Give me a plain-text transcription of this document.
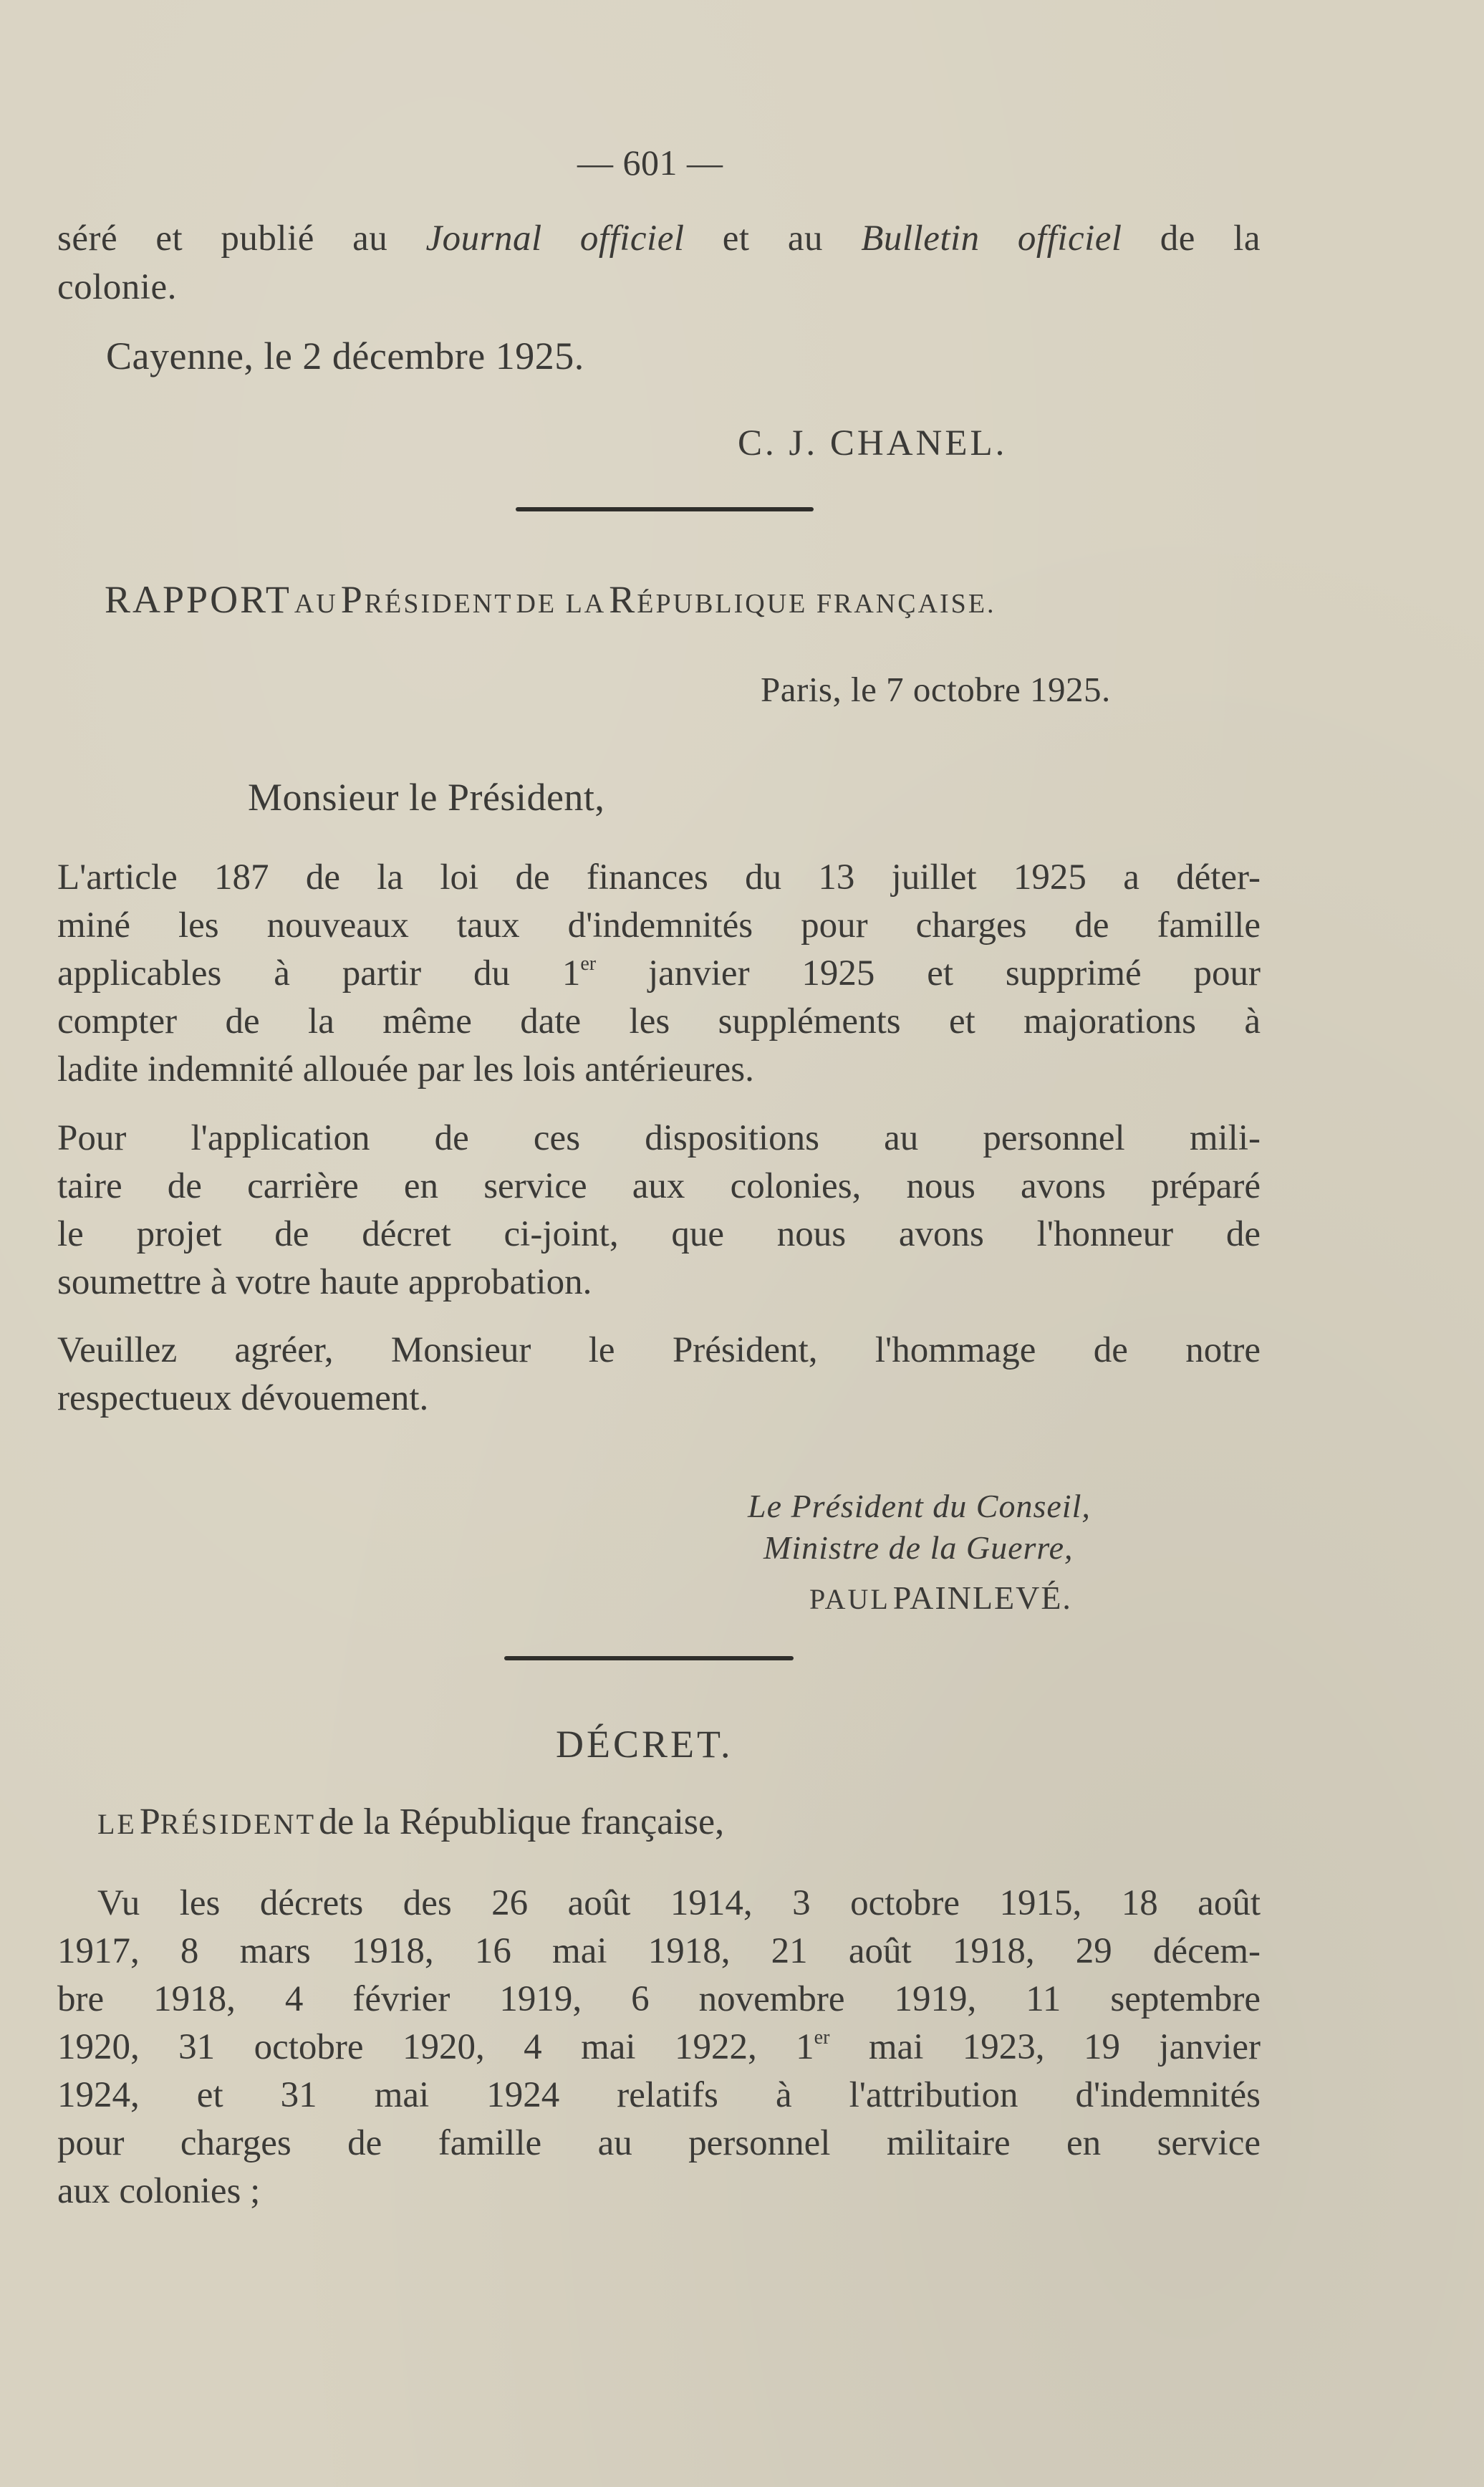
— 601 —
séré et publié au Journal officiel et au Bulletin officiel de la
colonie.
Cayenne, le 2 décembre 1925.
C. J. CHANEL.
RAPPORT AU PRÉSIDENT DE LA RÉPUBLIQUE FRANÇAISE.
Paris, le 7 octobre 1925.
Monsieur le Président,
L'article 187 de la loi de finances du 13 juillet 1925 a déter-
miné les nouveaux taux d'indemnités pour charges de famille
applicables à partir du 1er janvier 1925 et supprimé pour
compter de la même date les suppléments et majorations à
ladite indemnité allouée par les lois antérieures.
Pour l'application de ces dispositions au personnel mili-
taire de carrière en service aux colonies, nous avons préparé
le projet de décret ci-joint, que nous avons l'honneur de
soumettre à votre haute approbation.
Veuillez agréer, Monsieur le Président, l'hommage de notre
respectueux dévouement.
Le Président du Conseil,
Ministre de la Guerre,
PAUL PAINLEVÉ.
DÉCRET.
LE PRÉSIDENT de la République française,
Vu les décrets des 26 août 1914, 3 octobre 1915, 18 août
1917, 8 mars 1918, 16 mai 1918, 21 août 1918, 29 décem-
bre 1918, 4 février 1919, 6 novembre 1919, 11 septembre
1920, 31 octobre 1920, 4 mai 1922, 1er mai 1923, 19 janvier
1924, et 31 mai 1924 relatifs à l'attribution d'indemnités
pour charges de famille au personnel militaire en service
aux colonies ;
